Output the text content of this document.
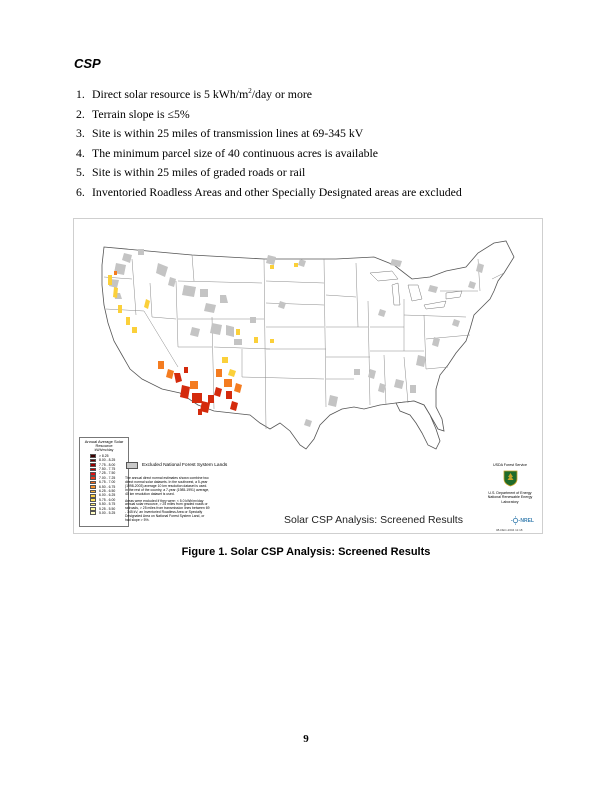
CSP
1. Direct solar resource is 5 kWh/$m^2$/day or more
2. Terrain slope is ≤5%
3. Site is within 25 miles of transmission lines at 69-345 kV
4. The minimum parcel size of 40 continuous acres is available
5. Site is within 25 miles of graded roads or rail
6. Inventoried Roadless Areas and other Specially Designated areas are excluded
Annual Average Solar Resource
kWh/m²/day
> 8.25
8.00 - 8.25
7.75 - 8.00
7.50 - 7.75
7.25 - 7.50
7.00 - 7.25
6.75 - 7.00
6.50 - 6.75
6.25 - 6.50
6.00 - 6.25
5.75 - 6.00
5.50 - 5.75
5.25 - 5.50
5.00 - 5.25
Excluded National Forest System Lands

The annual direct normal estimates shown combine two direct normal solar datasets. In the southwest, a 5-year (1998-2003) average 10 km resolution dataset is used. In the rest of the country, a 7-year (1985-1991) average, 40 km resolution dataset is used.

Areas were excluded if they were: < 5.0 kWh/m²/day annual solar resource, > 25 miles from graded roads or railroads, > 25 miles from transmission lines between 69 - 345 kV, an Inventoried Roadless Area or Specially Designated Area on National Forest System Land, or had slope > 5%.	Solar CSP Analysis: Screened Results
USDA Forest Service
U.S. Department of Energy National Renewable Energy Laboratory
NREL
08-DEC-2004 11:18
Figure 1. Solar CSP Analysis: Screened Results
9
